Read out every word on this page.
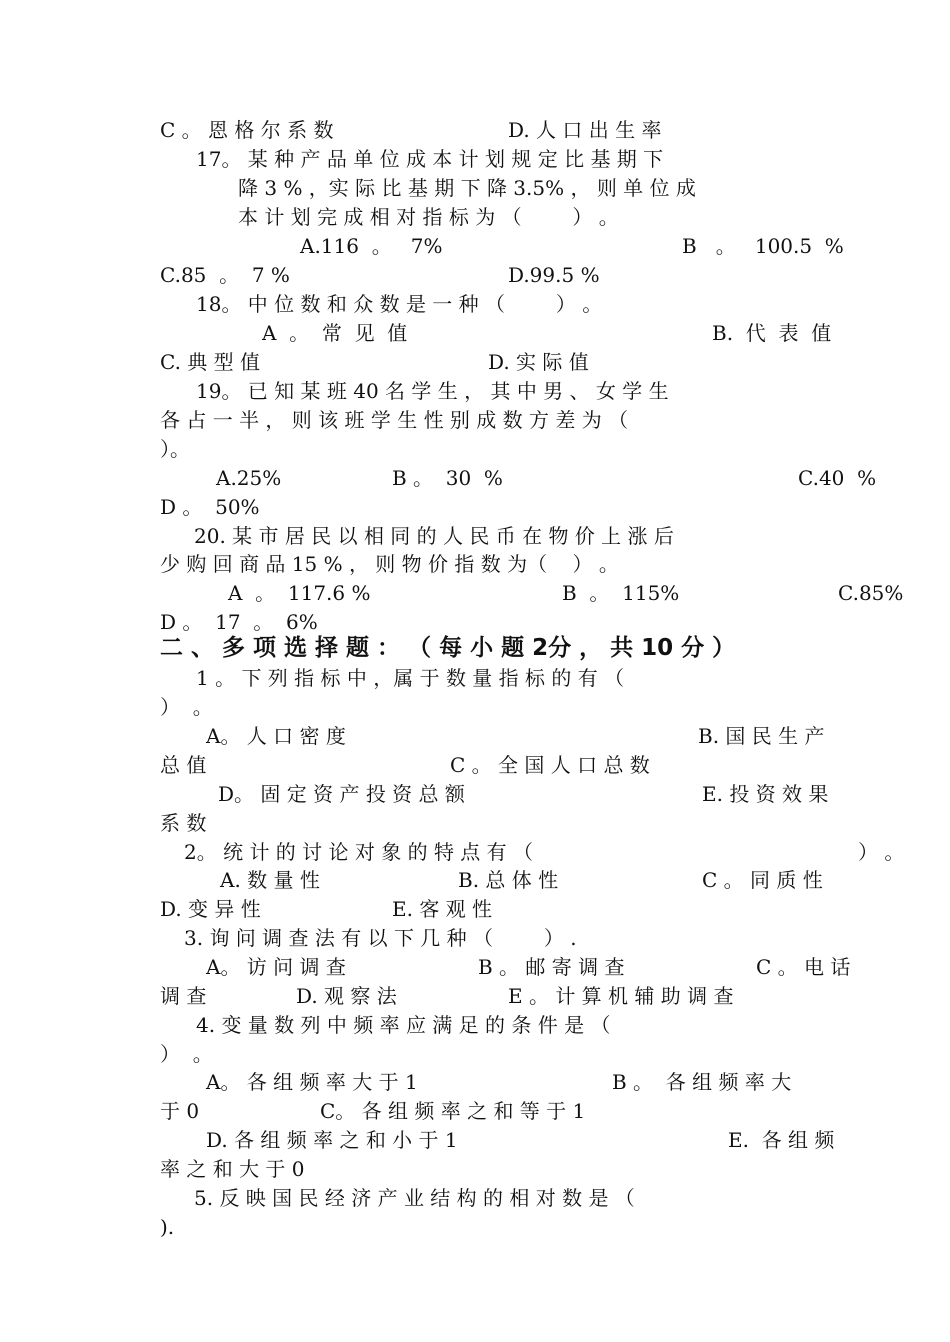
C 。 恩 格 尔 系 数	D. 人 口 出 生 率
17。 某 种 产 品 单 位 成 本 计 划 规 定 比 基 期 下
降 3 % ，实 际 比 基 期 下 降 3.5% ， 则 单 位 成
本 计 划 完 成 相 对 指 标 为 （        ） 。
A.116  。   7%	B   。   100.5  %
C.85  。  7 %	D.99.5 %
18。 中 位 数 和 众 数 是 一 种 （        ） 。
A  。  常  见  值	B.  代  表  值
C. 典 型 值	D. 实 际 值
19。 已 知 某 班 40 名 学 生 ， 其 中 男 、 女 学 生
各 占 一 半 ， 则 该 班 学 生 性 别 成 数 方 差 为 （
）。
A.25%	B 。  30  %	C.40  %
D 。  50%
20. 某 市 居 民 以 相 同 的 人 民 币 在 物 价 上 涨 后
少 购 回 商 品 15 % ， 则 物 价 指 数 为（    ） 。
A  。  117.6 %	B  。  115%	C.85%
D 。  17  。  6%
二 、 多 项 选 择 题 ： （ 每 小 题 2分 ， 共 10 分 ）
1 。 下 列 指 标 中 ，属 于 数 量 指 标 的 有 （
）  。
A。 人 口 密 度	B. 国 民 生 产
总 值	C 。 全 国 人 口 总 数
D。 固 定 资 产 投 资 总 额	E. 投 资 效 果
系 数
2。 统 计 的 讨 论 对 象 的 特 点 有 （	） 。
A. 数 量 性	B. 总 体 性	C 。 同 质 性
D. 变 异 性	E. 客 观 性
3. 询 问 调 查 法 有 以 下 几 种 （        ） .
A。 访 问 调 查	B 。 邮 寄 调 查	C 。 电 话
调 查	D. 观 察 法	E 。 计 算 机 辅 助 调 查
4. 变 量 数 列 中 频 率 应 满 足 的 条 件 是 （
）  。
A。 各 组 频 率 大 于 1	B 。  各 组 频 率 大
于 0	C。 各 组 频 率 之 和 等 于 1
D. 各 组 频 率 之 和 小 于 1	E.  各 组 频
率 之 和 大 于 0
5. 反 映 国 民 经 济 产 业 结 构 的 相 对 数 是 （
).
